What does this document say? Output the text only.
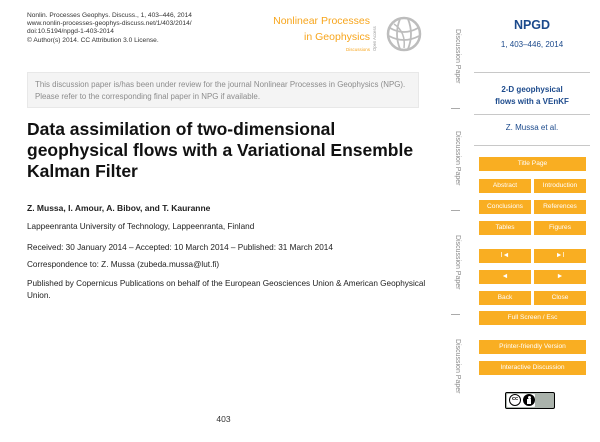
Nonlin. Processes Geophys. Discuss., 1, 403–446, 2014
www.nonlin-processes-geophys-discuss.net/1/403/2014/
doi:10.5194/npgd-1-403-2014
© Author(s) 2014. CC Attribution 3.0 License.
Nonlinear Processes
in Geophysics
Discussions Open Access

This discussion paper is/has been under review for the journal Nonlinear Processes in Geophysics (NPG). Please refer to the corresponding final paper in NPG if available.

Data assimilation of two-dimensional geophysical flows with a Variational Ensemble Kalman Filter
Z. Mussa, I. Amour, A. Bibov, and T. Kauranne
Lappeenranta University of Technology, Lappeenranta, Finland
Received: 30 January 2014 – Accepted: 10 March 2014 – Published: 31 March 2014
Correspondence to: Z. Mussa (zubeda.mussa@lut.fi)
Published by Copernicus Publications on behalf of the European Geosciences Union & American Geophysical Union.
403
Discussion Paper
Discussion Paper
Discussion Paper
Discussion Paper
NPGD
1, 403–446, 2014
2-D geophysical
flows with a VEnKF
Z. Mussa et al.
Title Page
Abstract	Introduction
Conclusions	References
Tables	Figures
I◄	►I
◄	►
Back	Close
Full Screen / Esc
Printer-friendly Version
Interactive Discussion
cc
